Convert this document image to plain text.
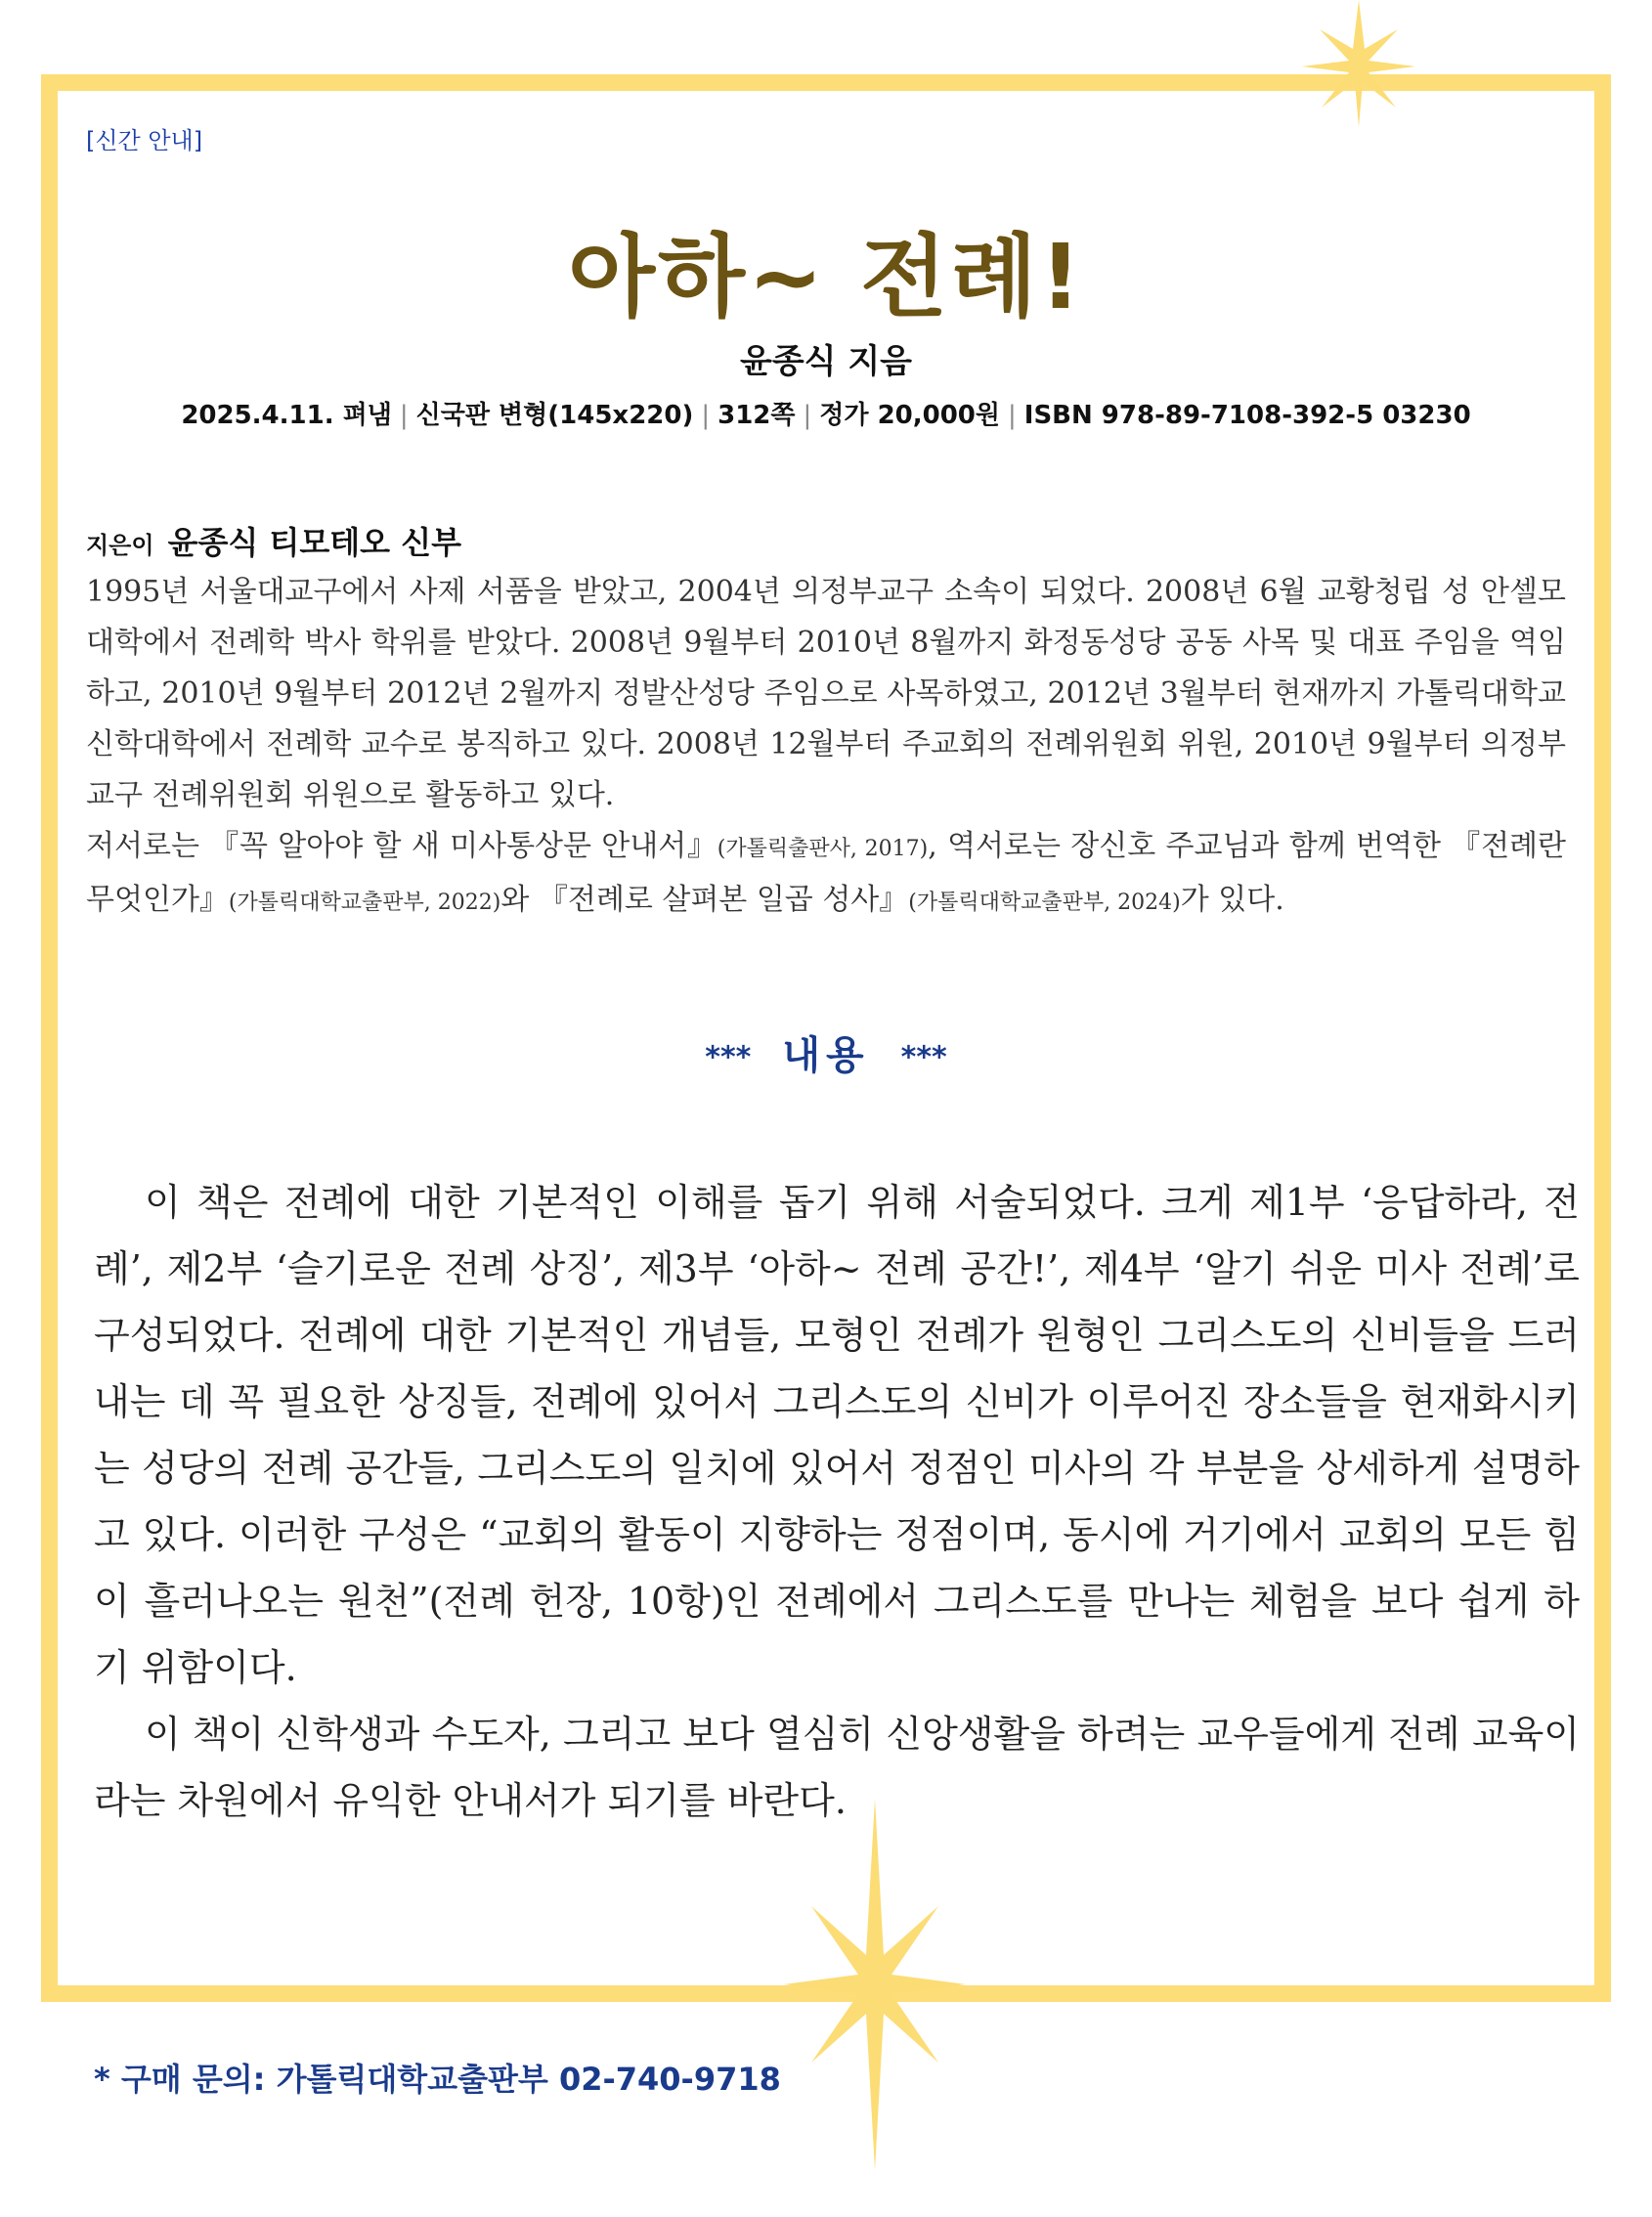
[신간 안내]
아하~ 전례!
윤종식 지음
2025.4.11. 펴냄 | 신국판 변형(145x220) | 312쪽 | 정가 20,000원 | ISBN 978-89-7108-392-5 03230
지은이 윤종식 티모테오 신부

1995년 서울대교구에서 사제 서품을 받았고, 2004년 의정부교구 소속이 되었다. 2008년 6월 교황청립 성 안셀모 대학에서 전례학 박사 학위를 받았다. 2008년 9월부터 2010년 8월까지 화정동성당 공동 사목 및 대표 주임을 역임하고, 2010년 9월부터 2012년 2월까지 정발산성당 주임으로 사목하였고, 2012년 3월부터 현재까지 가톨릭대학교 신학대학에서 전례학 교수로 봉직하고 있다. 2008년 12월부터 주교회의 전례위원회 위원, 2010년 9월부터 의정부교구 전례위원회 위원으로 활동하고 있다.

저서로는 『꼭 알아야 할 새 미사통상문 안내서』(가톨릭출판사, 2017), 역서로는 장신호 주교님과 함께 번역한 『전례란 무엇인가』(가톨릭대학교출판부, 2022)와 『전례로 살펴본 일곱 성사』(가톨릭대학교출판부, 2024)가 있다.

*** 내용 ***

이 책은 전례에 대한 기본적인 이해를 돕기 위해 서술되었다. 크게 제1부 ‘응답하라, 전례’, 제2부 ‘슬기로운 전례 상징’, 제3부 ‘아하~ 전례 공간!’, 제4부 ‘알기 쉬운 미사 전례’로 구성되었다. 전례에 대한 기본적인 개념들, 모형인 전례가 원형인 그리스도의 신비들을 드러내는 데 꼭 필요한 상징들, 전례에 있어서 그리스도의 신비가 이루어진 장소들을 현재화시키는 성당의 전례 공간들, 그리스도의 일치에 있어서 정점인 미사의 각 부분을 상세하게 설명하고 있다. 이러한 구성은 “교회의 활동이 지향하는 정점이며, 동시에 거기에서 교회의 모든 힘이 흘러나오는 원천”(전례 헌장, 10항)인 전례에서 그리스도를 만나는 체험을 보다 쉽게 하기 위함이다.

이 책이 신학생과 수도자, 그리고 보다 열심히 신앙생활을 하려는 교우들에게 전례 교육이라는 차원에서 유익한 안내서가 되기를 바란다.

* 구매 문의: 가톨릭대학교출판부 02-740-9718
